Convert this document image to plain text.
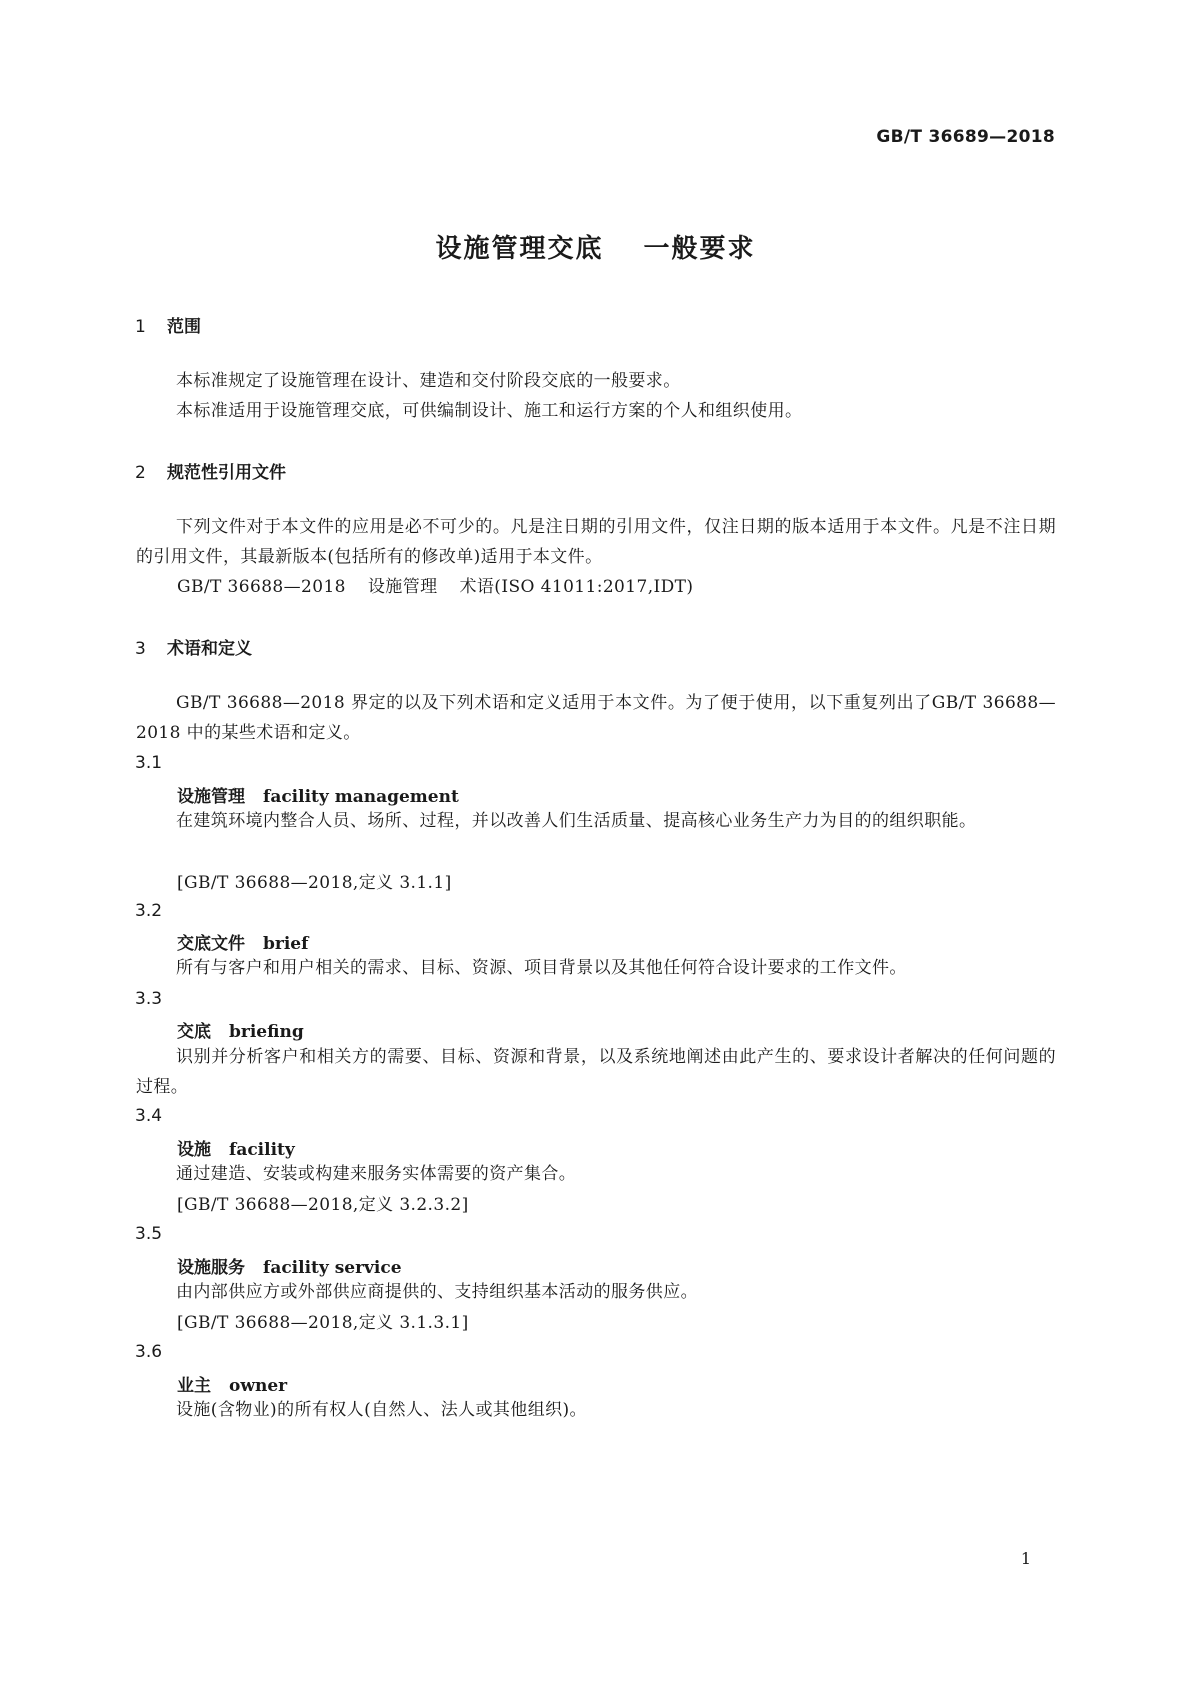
GB/T 36689—2018
设施管理交底 一般要求
1 范围
本标准规定了设施管理在设计、建造和交付阶段交底的一般要求。
本标准适用于设施管理交底，可供编制设计、施工和运行方案的个人和组织使用。
2 规范性引用文件
下列文件对于本文件的应用是必不可少的。凡是注日期的引用文件，仅注日期的版本适用于本文件。凡是不注日期的引用文件，其最新版本(包括所有的修改单)适用于本文件。
GB/T 36688—2018 设施管理 术语(ISO 41011:2017,IDT)
3 术语和定义
GB/T 36688—2018 界定的以及下列术语和定义适用于本文件。为了便于使用，以下重复列出了GB/T 36688—2018 中的某些术语和定义。
3.1
设施管理 facility management
在建筑环境内整合人员、场所、过程，并以改善人们生活质量、提高核心业务生产力为目的的组织职能。
[GB/T 36688—2018,定义 3.1.1]
3.2
交底文件 brief
所有与客户和用户相关的需求、目标、资源、项目背景以及其他任何符合设计要求的工作文件。
3.3
交底 briefing
识别并分析客户和相关方的需要、目标、资源和背景，以及系统地阐述由此产生的、要求设计者解决的任何问题的过程。
3.4
设施 facility
通过建造、安装或构建来服务实体需要的资产集合。
[GB/T 36688—2018,定义 3.2.3.2]
3.5
设施服务 facility service
由内部供应方或外部供应商提供的、支持组织基本活动的服务供应。
[GB/T 36688—2018,定义 3.1.3.1]
3.6
业主 owner
设施(含物业)的所有权人(自然人、法人或其他组织)。
1
